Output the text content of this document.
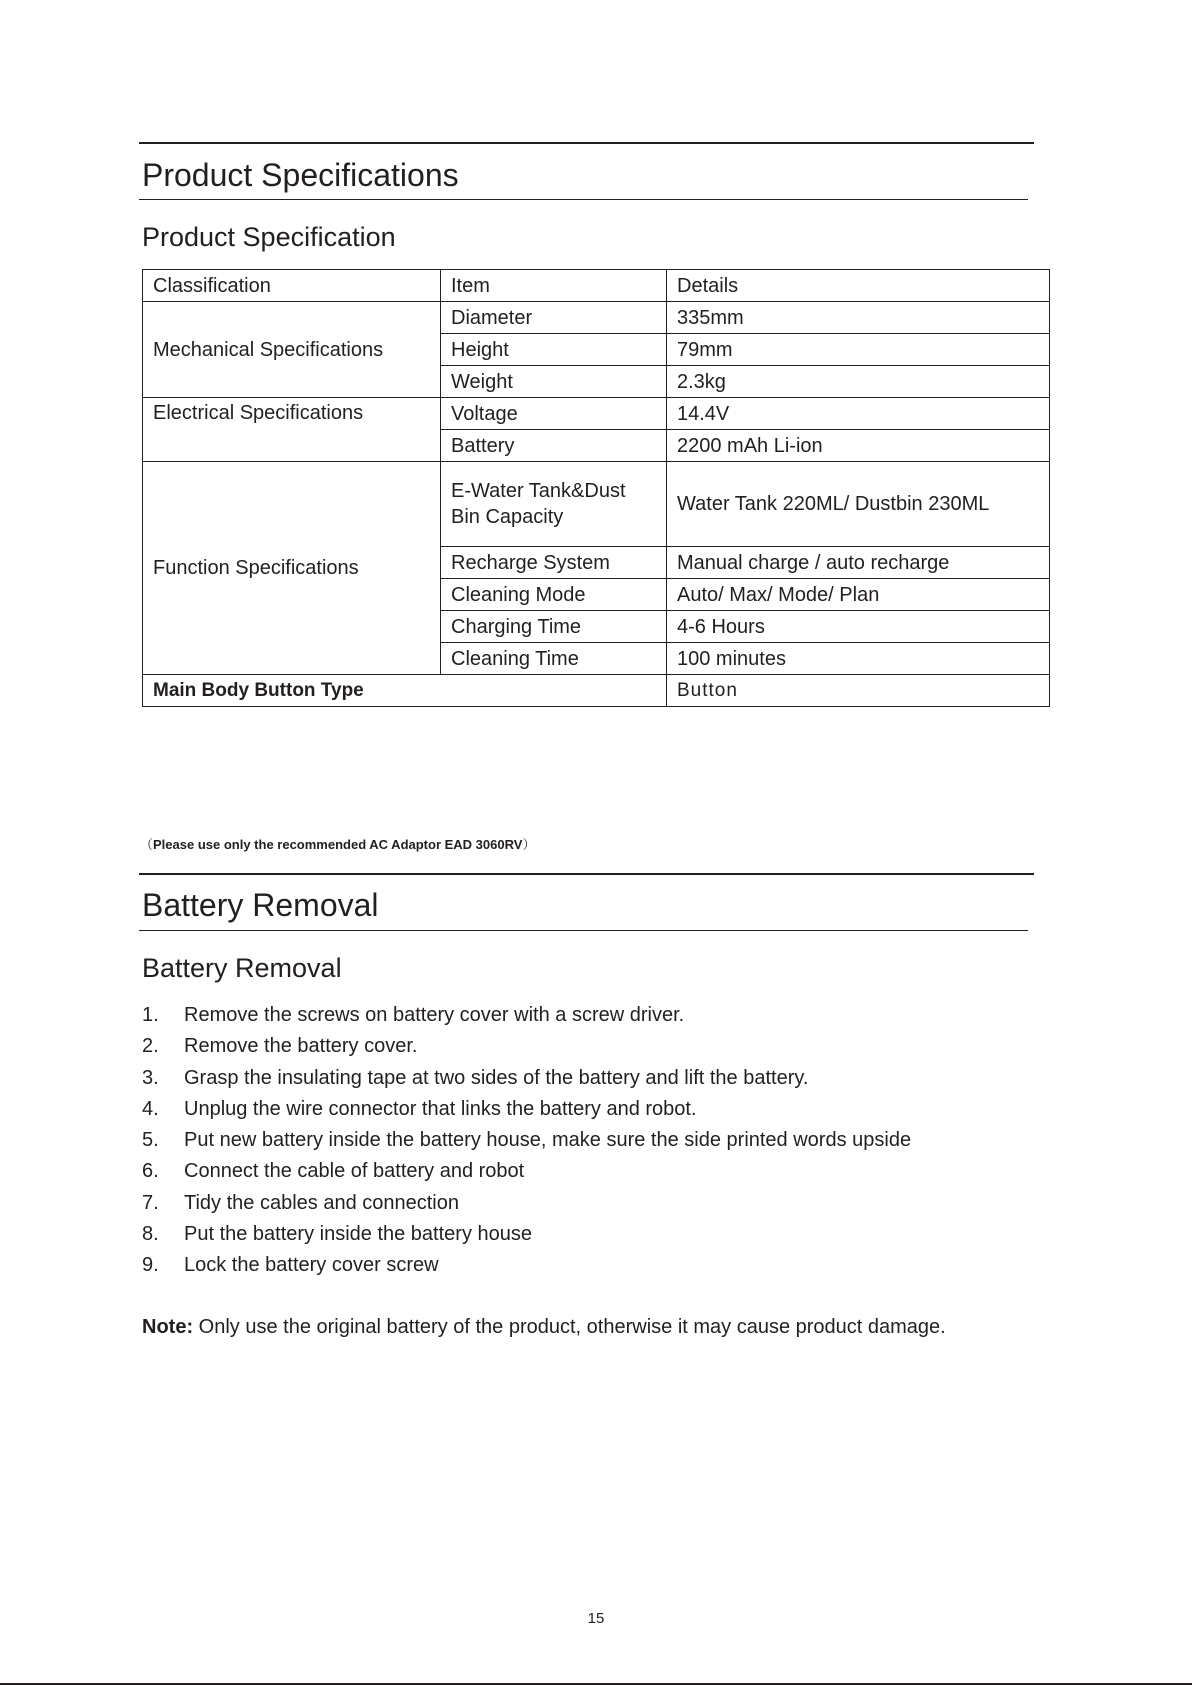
Product Specifications
Product Specification
Classification	Item	Details
Mechanical Specifications	Diameter	335mm
	Height	79mm
	Weight	2.3kg
Electrical Specifications	Voltage	14.4V
	Battery	2200 mAh Li-ion
Function Specifications	E-Water Tank&Dust Bin Capacity	Water Tank 220ML/ Dustbin 230ML
	Recharge System	Manual charge / auto recharge
	Cleaning Mode	Auto/ Max/ Mode/ Plan
	Charging Time	4-6 Hours
	Cleaning Time	100 minutes
Main Body Button Type		Button
（Please use only the recommended AC Adaptor EAD 3060RV）
Battery Removal
Battery Removal
1.	Remove the screws on battery cover with a screw driver.
2.	Remove the battery cover.
3.	Grasp the insulating tape at two sides of the battery and lift the battery.
4.	Unplug the wire connector that links the battery and robot.
5.	Put new battery inside the battery house, make sure the side printed words upside
6.	Connect the cable of battery and robot
7.	Tidy the cables and connection
8.	Put the battery inside the battery house
9.	Lock the battery cover screw
Note: Only use the original battery of the product, otherwise it may cause product damage.
15
